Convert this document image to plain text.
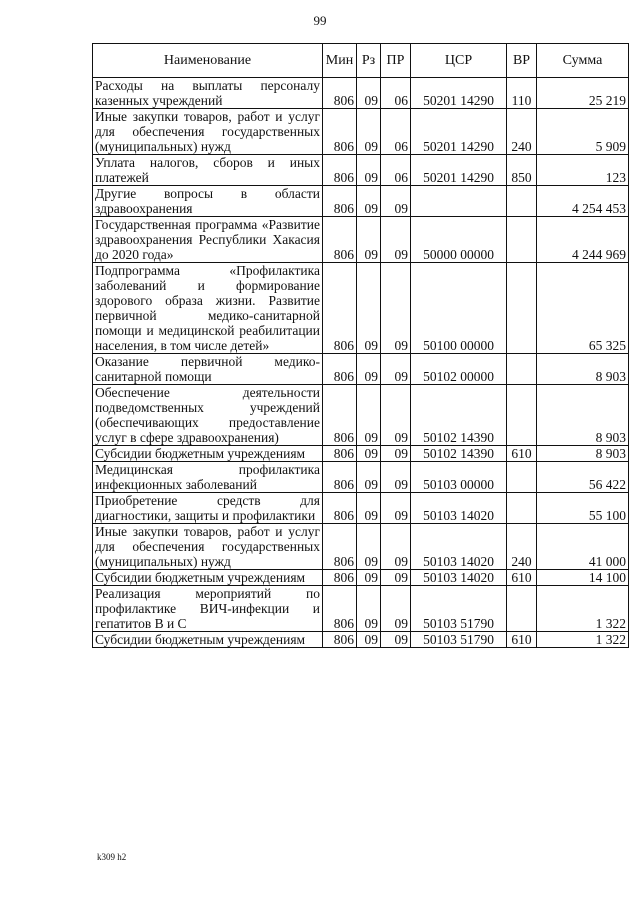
99
Наименование	Мин	Рз	ПР	ЦСР	ВР	Сумма
Расходы на выплаты персоналу казенных учреждений	806	09	06	50201 14290	110	25 219
Иные закупки товаров, работ и услуг для обеспечения государственных (муниципальных) нужд	806	09	06	50201 14290	240	5 909
Уплата налогов, сборов и иных платежей	806	09	06	50201 14290	850	123
Другие вопросы в области здравоохранения	806	09	09			4 254 453
Государственная программа «Развитие здравоохранения Республики Хакасия до 2020 года»	806	09	09	50000 00000		4 244 969
Подпрограмма «Профилактика заболеваний и формирование здорового образа жизни. Развитие первичной медико-санитарной помощи и медицинской реабилитации населения, в том числе детей»	806	09	09	50100 00000		65 325
Оказание первичной медико-санитарной помощи	806	09	09	50102 00000		8 903
Обеспечение деятельности подведомственных учреждений (обеспечивающих предоставление услуг в сфере здравоохранения)	806	09	09	50102 14390		8 903
Субсидии бюджетным учреждениям	806	09	09	50102 14390	610	8 903
Медицинская профилактика инфекционных заболеваний	806	09	09	50103 00000		56 422
Приобретение средств для диагностики, защиты и профилактики	806	09	09	50103 14020		55 100
Иные закупки товаров, работ и услуг для обеспечения государственных (муниципальных) нужд	806	09	09	50103 14020	240	41 000
Субсидии бюджетным учреждениям	806	09	09	50103 14020	610	14 100
Реализация мероприятий по профилактике ВИЧ-инфекции и гепатитов В и С	806	09	09	50103 51790		1 322
Субсидии бюджетным учреждениям	806	09	09	50103 51790	610	1 322
k309 h2
